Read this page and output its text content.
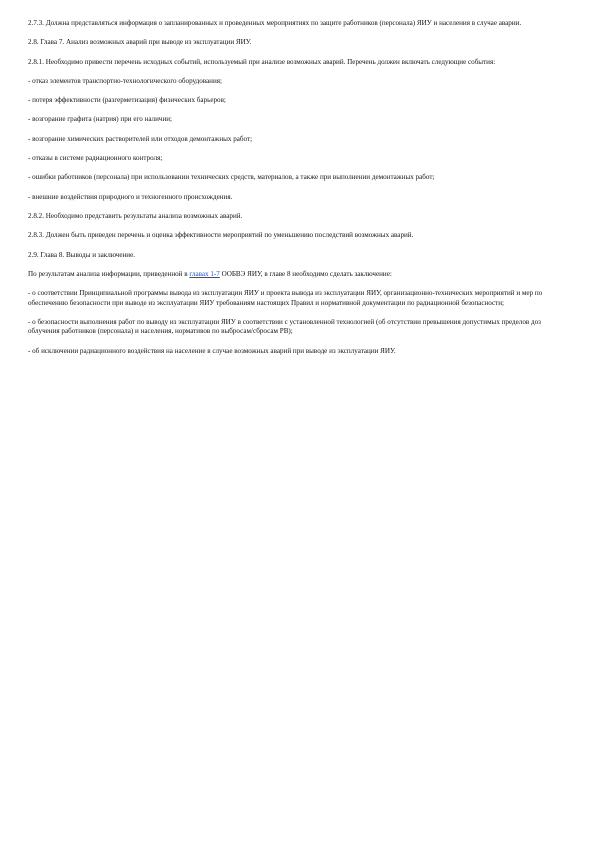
2.7.3. Должна представляться информация о запланированных и проведенных мероприятиях по защите работников (персонала) ЯИУ и населения в случае аварии.

2.8. Глава 7. Анализ возможных аварий при выводе из эксплуатации ЯИУ.

2.8.1. Необходимо привести перечень исходных событий, используемый при анализе возможных аварий. Перечень должен включать следующие события:

- отказ элементов транспортно-технологического оборудования;

- потеря эффективности (разгерметизация) физических барьеров;

- возгорание графита (натрия) при его наличии;

- возгорание химических растворителей или отходов демонтажных работ;

- отказы в системе радиационного контроля;

- ошибки работников (персонала) при использовании технических средств, материалов, а также при выполнении демонтажных работ;

- внешние воздействия природного и техногенного происхождения.

2.8.2. Необходимо представить результаты анализа возможных аварий.

2.8.3. Должен быть приведен перечень и оценка эффективности мероприятий по уменьшению последствий возможных аварий.

2.9. Глава 8. Выводы и заключение.

По результатам анализа информации, приведенной в главах 1-7 ООБВЭ ЯИУ, в главе 8 необходимо сделать заключение:

- о соответствии Принципиальной программы вывода из эксплуатации ЯИУ и проекта вывода из эксплуатации ЯИУ, организационно-технических мероприятий и мер по обеспечению безопасности при выводе из эксплуатации ЯИУ требованиям настоящих Правил и нормативной документации по радиационной безопасности;

- о безопасности выполнения работ по выводу из эксплуатации ЯИУ в соответствии с установленной технологией (об отсутствии превышения допустимых пределов доз облучения работников (персонала) и населения, нормативов по выбросам/сбросам РВ);

- об исключении радиационного воздействия на население в случае возможных аварий при выводе из эксплуатации ЯИУ.
